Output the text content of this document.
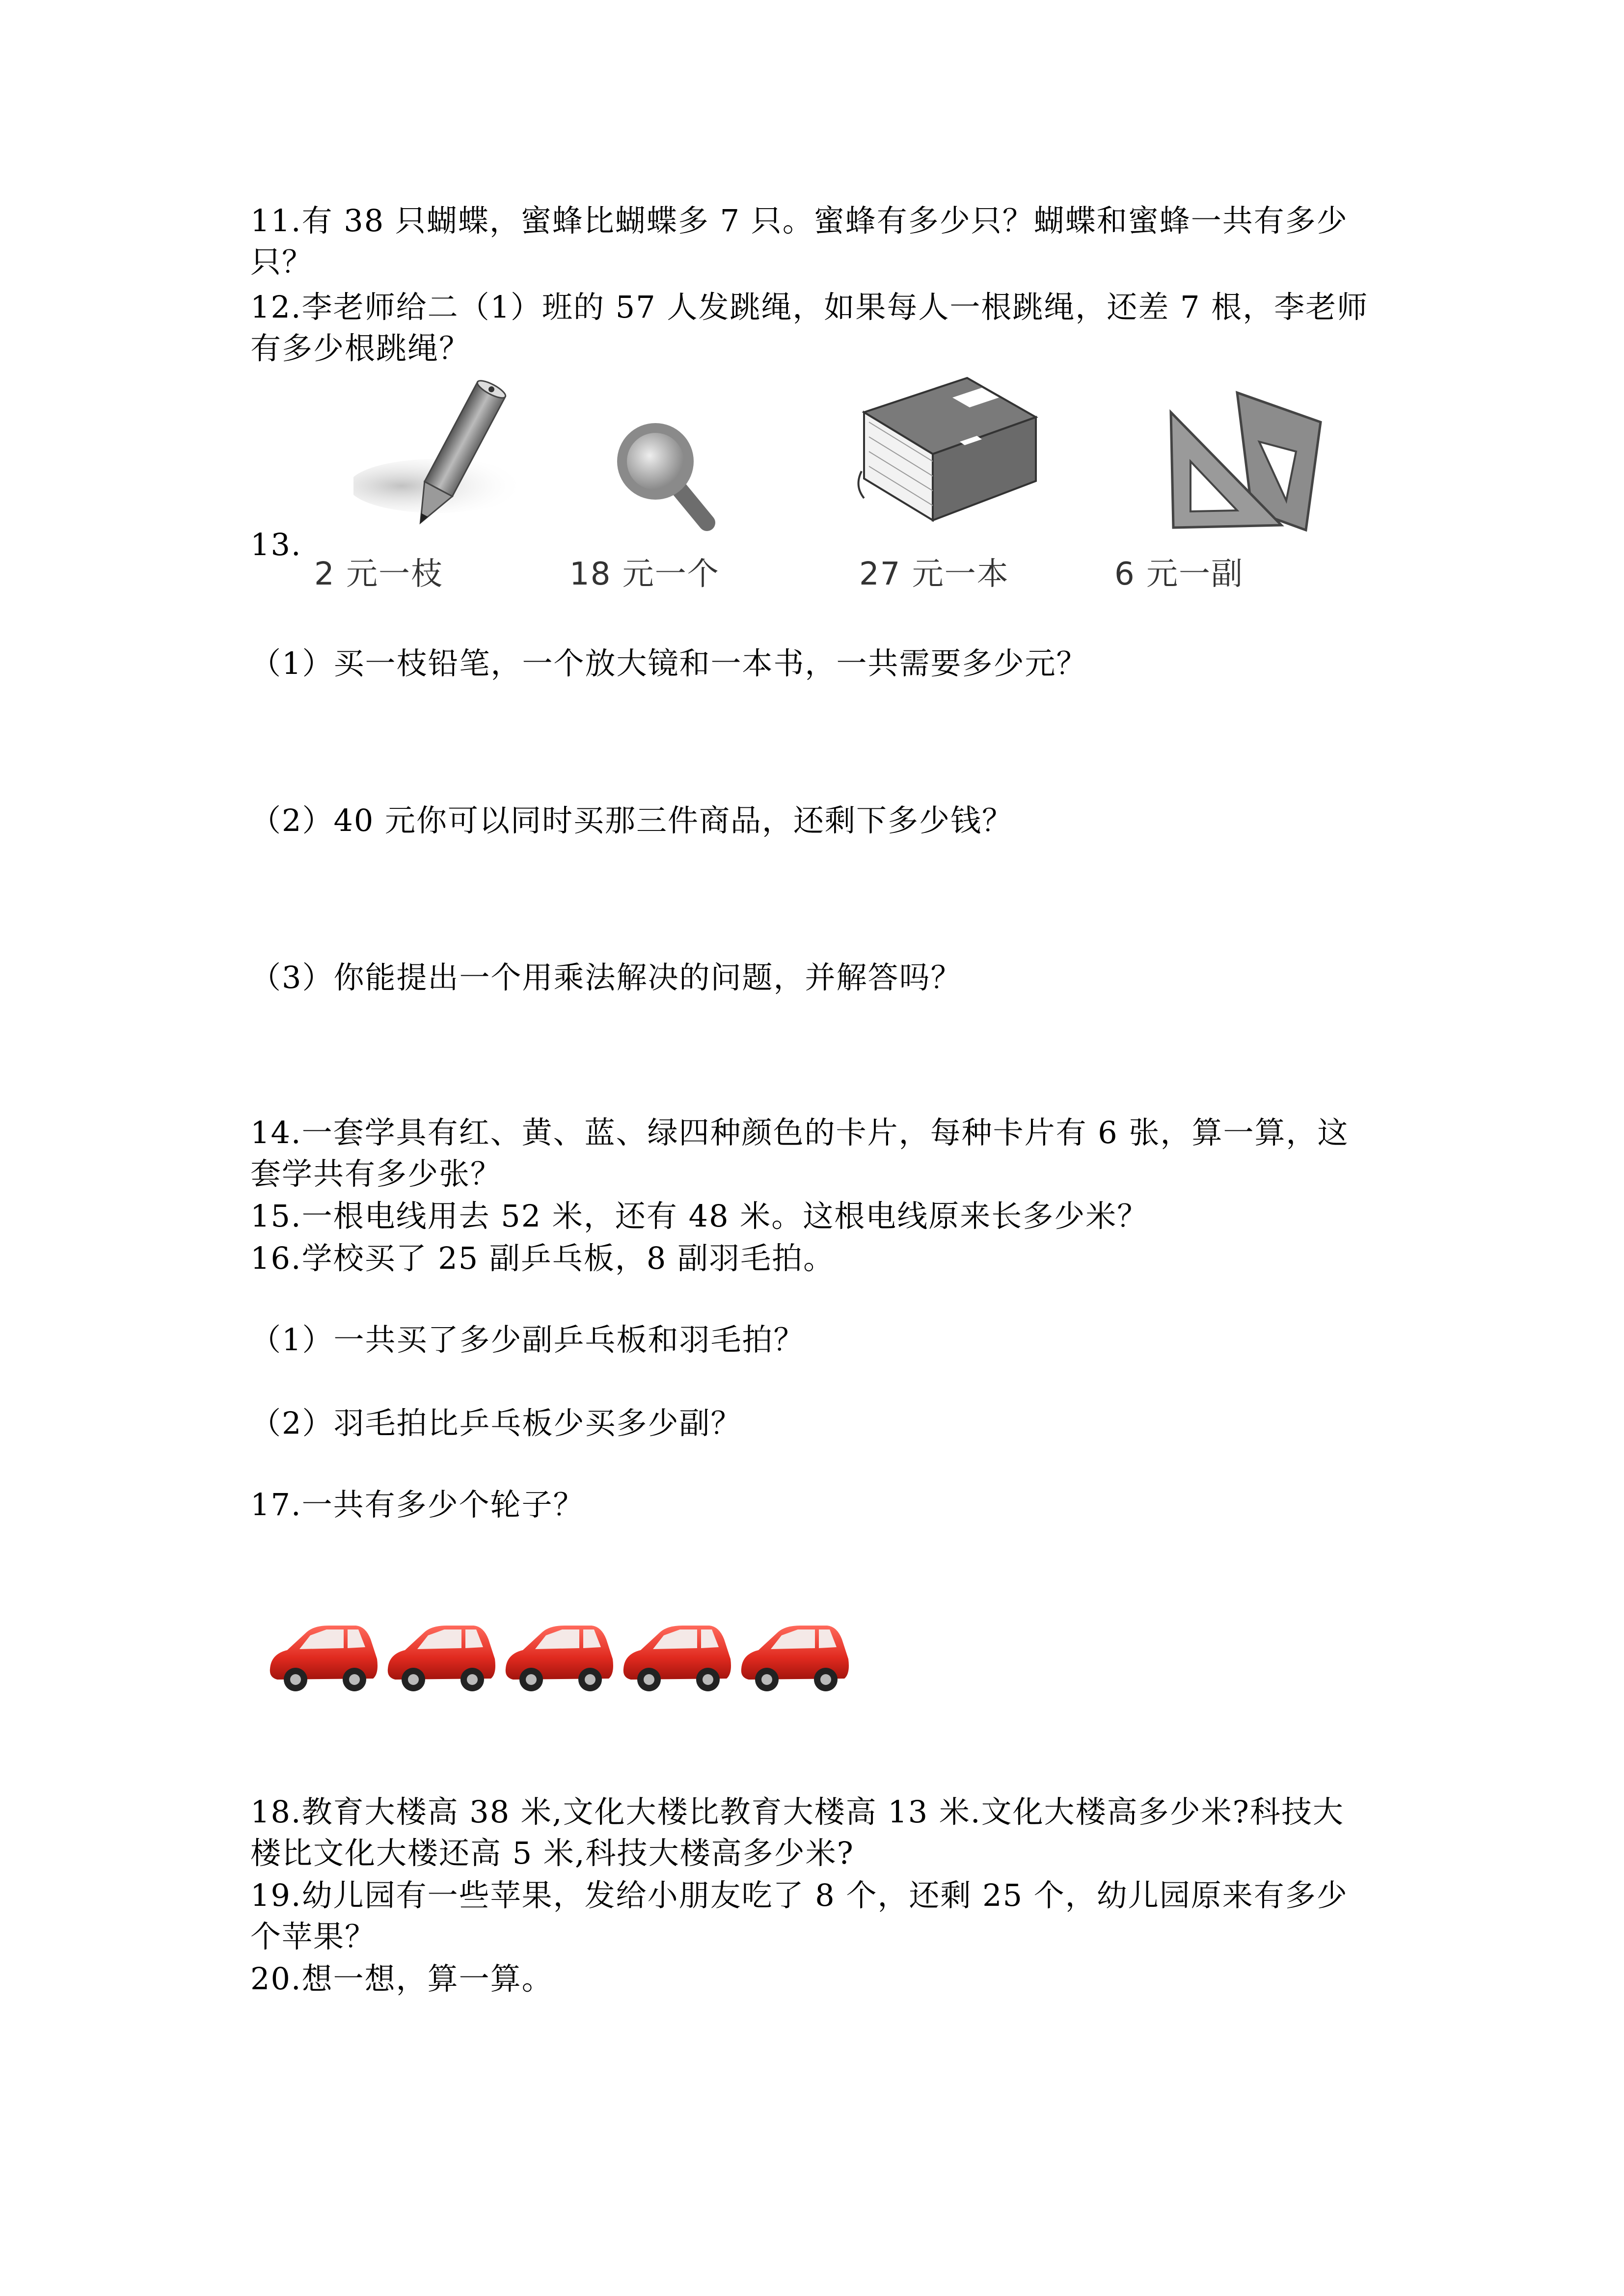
11.有 38 只蝴蝶，蜜蜂比蝴蝶多 7 只。蜜蜂有多少只？蝴蝶和蜜蜂一共有多少
只？
12.李老师给二（1）班的 57 人发跳绳，如果每人一根跳绳，还差 7 根，李老师
有多少根跳绳？
13.
2 元一枝	18 元一个	27 元一本	6 元一副
（1）买一枝铅笔，一个放大镜和一本书，一共需要多少元？
（2）40 元你可以同时买那三件商品，还剩下多少钱？
（3）你能提出一个用乘法解决的问题，并解答吗？
14.一套学具有红、黄、蓝、绿四种颜色的卡片，每种卡片有 6 张，算一算，这
套学共有多少张？
15.一根电线用去 52 米，还有 48 米。这根电线原来长多少米？
16.学校买了 25 副乒乓板，8 副羽毛拍。
（1）一共买了多少副乒乓板和羽毛拍？
（2）羽毛拍比乒乓板少买多少副？
17.一共有多少个轮子？
18.教育大楼高 38 米,文化大楼比教育大楼高 13 米.文化大楼高多少米?科技大
楼比文化大楼还高 5 米,科技大楼高多少米?
19.幼儿园有一些苹果，发给小朋友吃了 8 个，还剩 25 个，幼儿园原来有多少
个苹果？
20.想一想，算一算。
